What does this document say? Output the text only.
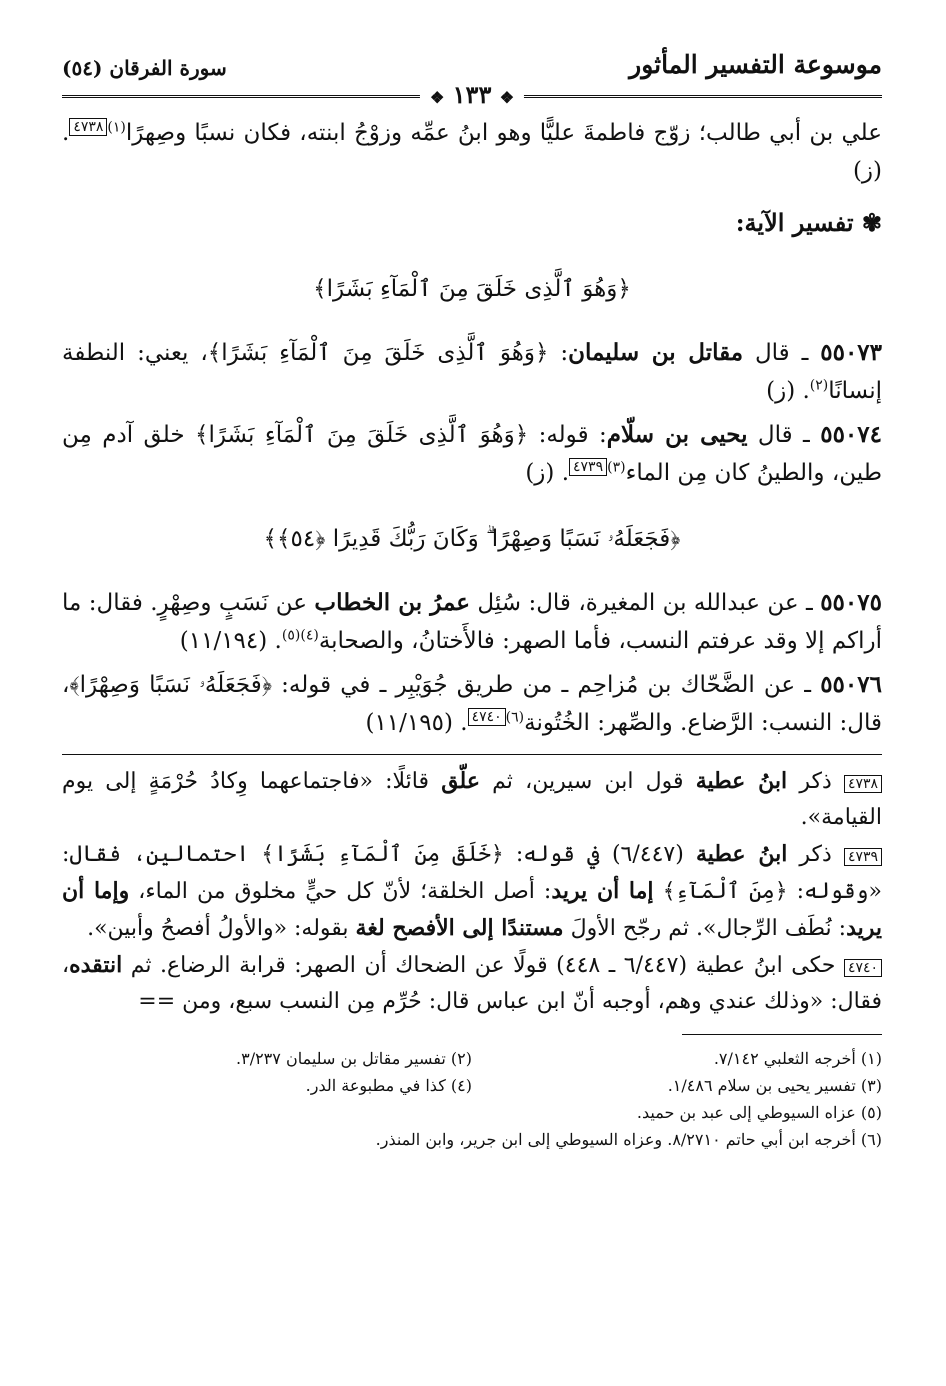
موسوعة التفسير المأثور
سورة الفرقان (٥٤)
❖ ١٣٣ ❖

علي بن أبي طالب؛ زوّج فاطمةَ عليًّا وهو ابنُ عمِّه وزوْجُ ابنته، فكان نسبًا وصِهرًا$^{(١)٤٧٣٨}$. (ز)

✾ تفسير الآية:

﴿وَهُوَ ٱلَّذِى خَلَقَ مِنَ ٱلْمَآءِ بَشَرًا﴾

٥٥٠٧٣ ـ قال مقاتل بن سليمان: ﴿وَهُوَ ٱلَّذِى خَلَقَ مِنَ ٱلْمَآءِ بَشَرًا﴾، يعني: النطفة إنسانًا$^{(٢)}$. (ز)

٥٥٠٧٤ ـ قال يحيى بن سلّام: قوله: ﴿وَهُوَ ٱلَّذِى خَلَقَ مِنَ ٱلْمَآءِ بَشَرًا﴾ خلق آدم مِن طين، والطينُ كان مِن الماء$^{(٣)٤٧٣٩}$. (ز)

﴿فَجَعَلَهُۥ نَسَبًا وَصِهْرًا ۗ وَكَانَ رَبُّكَ قَدِيرًا ﴿٥٤﴾﴾

٥٥٠٧٥ ـ عن عبدالله بن المغيرة، قال: سُئِل عمرُ بن الخطاب عن نَسَبٍ وصِهْرٍ. فقال: ما أراكم إلا وقد عرفتم النسب، فأما الصهر: فالأَختانُ، والصحابة$^{(٤)(٥)}$. (١١/١٩٤)

٥٥٠٧٦ ـ عن الضَّحّاك بن مُزاحِم ـ من طريق جُوَيْبِر ـ في قوله: ﴿فَجَعَلَهُۥ نَسَبًا وَصِهْرًا﴾، قال: النسب: الرَّضاع. والصِّهر: الخُتُونة$^{(٦)٤٧٤٠}$. (١١/١٩٥)

٤٧٣٨ ذكر ابنُ عطية قول ابن سيرين، ثم علّق قائلًا: «فاجتماعهما وِكادُ حُرْمَةٍ إلى يوم القيامة».

٤٧٣٩ ذكر ابنُ عطية (٦/٤٤٧) في قوله: ﴿خَلَقَ مِنَ ٱلْمَآءِ بَشَرًا﴾ احتمالين، فقال: «وقوله: ﴿مِنَ ٱلْمَآءِ﴾ إما أن يريد: أصل الخلقة؛ لأنّ كل حيٍّ مخلوق من الماء، وإما أن يريد: نُطَف الرِّجال». ثم رجّح الأولَ مستندًا إلى الأفصح لغة بقوله: «والأولُ أفصحُ وأبين».

٤٧٤٠ حكى ابنُ عطية (٦/٤٤٧ ـ ٤٤٨) قولًا عن الضحاك أن الصهر: قرابة الرضاع. ثم انتقده، فقال: «وذلك عندي وهم، أوجبه أنّ ابن عباس قال: حُرِّم مِن النسب سبع، ومن ==

(١) أخرجه الثعلبي ٧/١٤٢.
(٢) تفسير مقاتل بن سليمان ٣/٢٣٧.
(٣) تفسير يحيى بن سلام ١/٤٨٦.
(٤) كذا في مطبوعة الدر.
(٥) عزاه السيوطي إلى عبد بن حميد.
(٦) أخرجه ابن أبي حاتم ٨/٢٧١٠. وعزاه السيوطي إلى ابن جرير، وابن المنذر.
